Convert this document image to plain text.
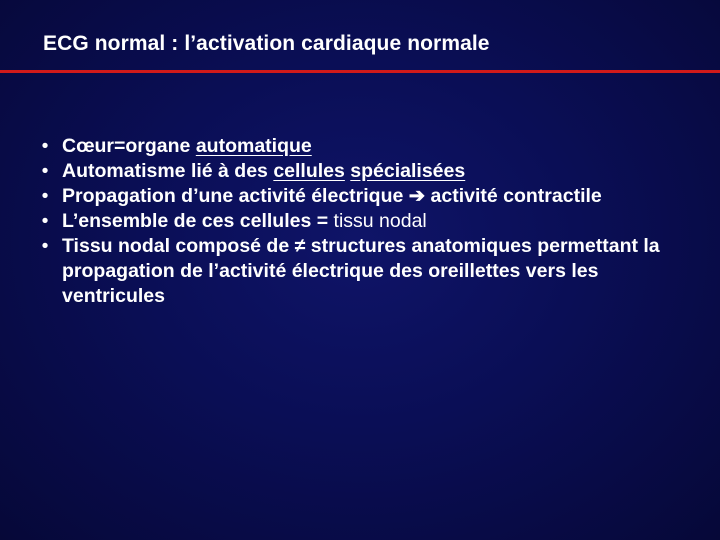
ECG normal : l’activation cardiaque normale
• Cœur=organe automatique
• Automatisme lié à des cellules spécialisées
• Propagation d’une activité électrique ➔ activité contractile
• L’ensemble de ces cellules = tissu nodal
• Tissu nodal composé de ≠ structures anatomiques permettant la propagation de l’activité électrique des oreillettes vers les ventricules
